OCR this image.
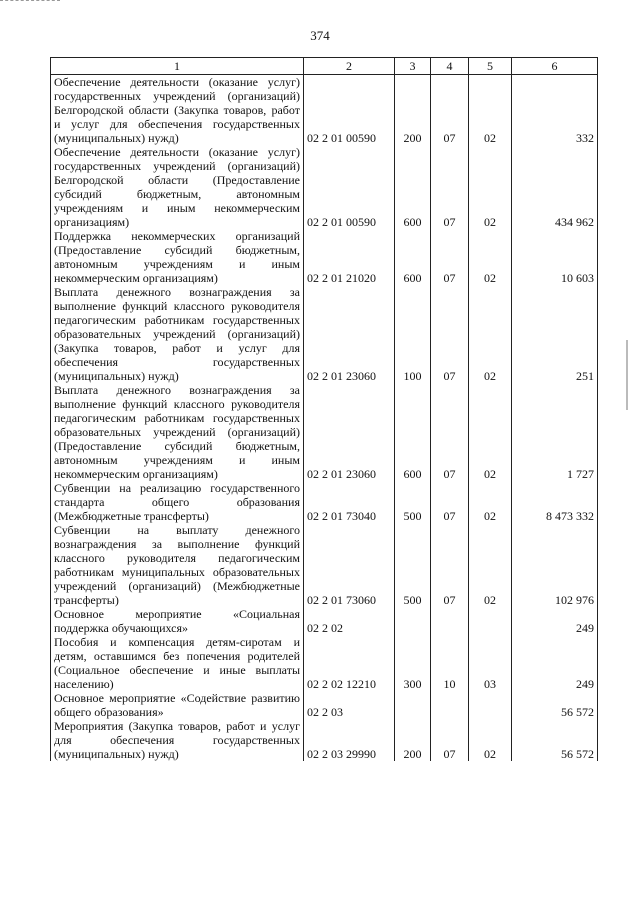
374
1	2	3	4	5	6
Обеспечение деятельности (оказание услуг) государственных учреждений (организаций) Белгородской области (Закупка товаров, работ и услуг для обеспечения государственных (муниципальных) нужд)	02 2 01 00590	200	07	02	332
Обеспечение деятельности (оказание услуг) государственных учреждений (организаций) Белгородской области (Предоставление субсидий бюджетным, автономным учреждениям и иным некоммерческим организациям)	02 2 01 00590	600	07	02	434 962
Поддержка некоммерческих организаций (Предоставление субсидий бюджетным, автономным учреждениям и иным некоммерческим организациям)	02 2 01 21020	600	07	02	10 603
Выплата денежного вознаграждения за выполнение функций классного руководителя педагогическим работникам государственных образовательных учреждений (организаций) (Закупка товаров, работ и услуг для обеспечения государственных (муниципальных) нужд)	02 2 01 23060	100	07	02	251
Выплата денежного вознаграждения за выполнение функций классного руководителя педагогическим работникам государственных образовательных учреждений (организаций) (Предоставление субсидий бюджетным, автономным учреждениям и иным некоммерческим организациям)	02 2 01 23060	600	07	02	1 727
Субвенции на реализацию государственного стандарта общего образования (Межбюджетные трансферты)	02 2 01 73040	500	07	02	8 473 332
Субвенции на выплату денежного вознаграждения за выполнение функций классного руководителя педагогическим работникам муниципальных образовательных учреждений (организаций) (Межбюджетные трансферты)	02 2 01 73060	500	07	02	102 976
Основное мероприятие «Социальная поддержка обучающихся»	02 2 02				249
Пособия и компенсация детям-сиротам и детям, оставшимся без попечения родителей (Социальное обеспечение и иные выплаты населению)	02 2 02 12210	300	10	03	249
Основное мероприятие «Содействие развитию общего образования»	02 2 03				56 572
Мероприятия (Закупка товаров, работ и услуг для обеспечения государственных (муниципальных) нужд)	02 2 03 29990	200	07	02	56 572
